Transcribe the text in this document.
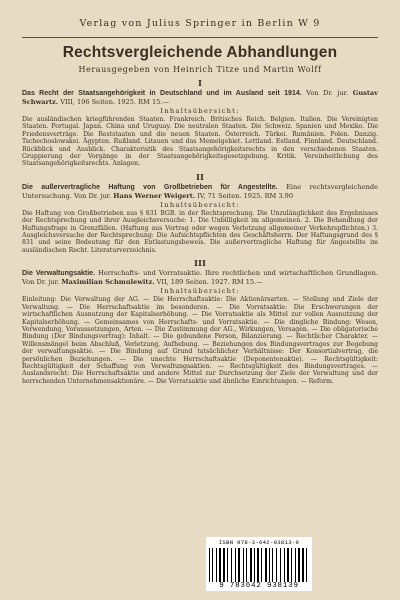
Verlag von Julius Springer in Berlin W 9
Rechtsvergleichende Abhandlungen
Herausgegeben von Heinrich Titze und Martin Wolff
I
Das Recht der Staatsangehörigkeit in Deutschland und im Ausland seit 1914. Von Dr. jur. Gustav Schwartz. VIII, 196 Seiten. 1925. RM 15.—
Inhaltsübersicht:
Die ausländischen kriegführenden Staaten. Frankreich. Britisches Reich. Belgien. Italien. Die Vereinigten Staaten. Portugal. Japan. China und Uruguay. Die neutralen Staaten. Die Schweiz. Spanien und Mexiko. Die Friedensverträge. Die Reststaaten und die neuen Staaten. Österreich. Türkei. Rumänien. Polen. Danzig. Tschechoslowakei. Ägypten. Rußland. Litauen und das Memelgebiet. Lettland. Estland. Finnland. Deutschland. Rückblick und Ausblick. Charakteristik des Staatsangehörigkeitsrechts in den verschiedenen Staaten. Gruppierung der Vorgänge in der Staatsangehörigkeitsgesetzgebung. Kritik. Vereinheitlichung des Staatsangehörigkeitsrechts. Anlagen.
II
Die außervertragliche Haftung von Großbetrieben für Angestellte. Eine rechtsvergleichende Untersuchung. Von Dr. jur. Hans Werner Weigert. IV, 71 Seiten. 1925. RM 3.90
Inhaltsübersicht:
Die Haftung von Großbetrieben aus § 831 BGB. in der Rechtsprechung. Die Unzulänglichkeit des Ergebnisses der Rechtsprechung und ihrer Ausgleichsversuche: 1. Die Unbilligkeit im allgemeinen. 2. Die Behandlung der Haftungsfrage in Grenzfällen. (Haftung aus Vertrag oder wegen Verletzung allgemeiner Verkehrspflichten.) 3. Ausgleichsversuche der Rechtsprechung: Die Aufsichtspflichten des Geschäftsherrn. Der Haftungsgrund des § 831 und seine Bedeutung für den Entlastungsbeweis. Die außervertragliche Haftung für Angestellte im ausländischen Recht. Literaturverzeichnis.
III
Die Verwaltungsaktie. Herrschafts- und Vorratsaktie. Ihre rechtlichen und wirtschaftlichen Grundlagen. Von Dr. jur. Maximilian Schmulewitz. VII, 189 Seiten. 1927. RM 15.—
Inhaltsübersicht:
Einleitung: Die Verwaltung der AG. — Die Herrschaftsaktie: Die Aktionärsarten. — Stellung und Ziele der Verwaltung. — Die Herrschaftsaktie im besonderen. — Die Vorratsaktie: Die Erschwerungen der wirtschaftlichen Ausnutzung der Kapitalserhöhung. — Die Vorratsaktie als Mittel zur vollen Ausnutzung der Kapitalserhöhung. — Gemeinsames von Herrschafts- und Vorratsaktie. — Die dingliche Bindung: Wesen, Verwendung, Voraussetzungen, Arten. — Die Zustimmung der AG., Wirkungen, Versagen. — Die obligatorische Bindung (Der Bindungsvertrag): Inhalt. — Die gebundene Person, Bilanzierung. — Rechtlicher Charakter. — Willensmängel beim Abschluß, Verletzung, Aufhebung. — Beziehungen des Bindungsvertrages zur Begebung der verwaltungsaktie. — Die Bindung auf Grund tatsächlicher Verhältnisse: Der Konsortialvertrag, die persönlichen Beziehungen. — Die unechte Herrschaftsaktie (Deponentenaktie). — Rechtsgültigkeit: Rechtsgültigkeit der Schaffung von Verwaltungsaktien. — Rechtsgültigkeit des Bindungsvertrages. — Auslandsrecht: Die Herrschaftsaktie und andere Mittel zur Durchsetzung der Ziele der Verwaltung und der herrschenden Unternehmensaktionäre. — Die Vorratsaktie und ähnliche Einrichtungen. — Reform.
ISBN 978-3-642-93813-9
9 783642 938139
